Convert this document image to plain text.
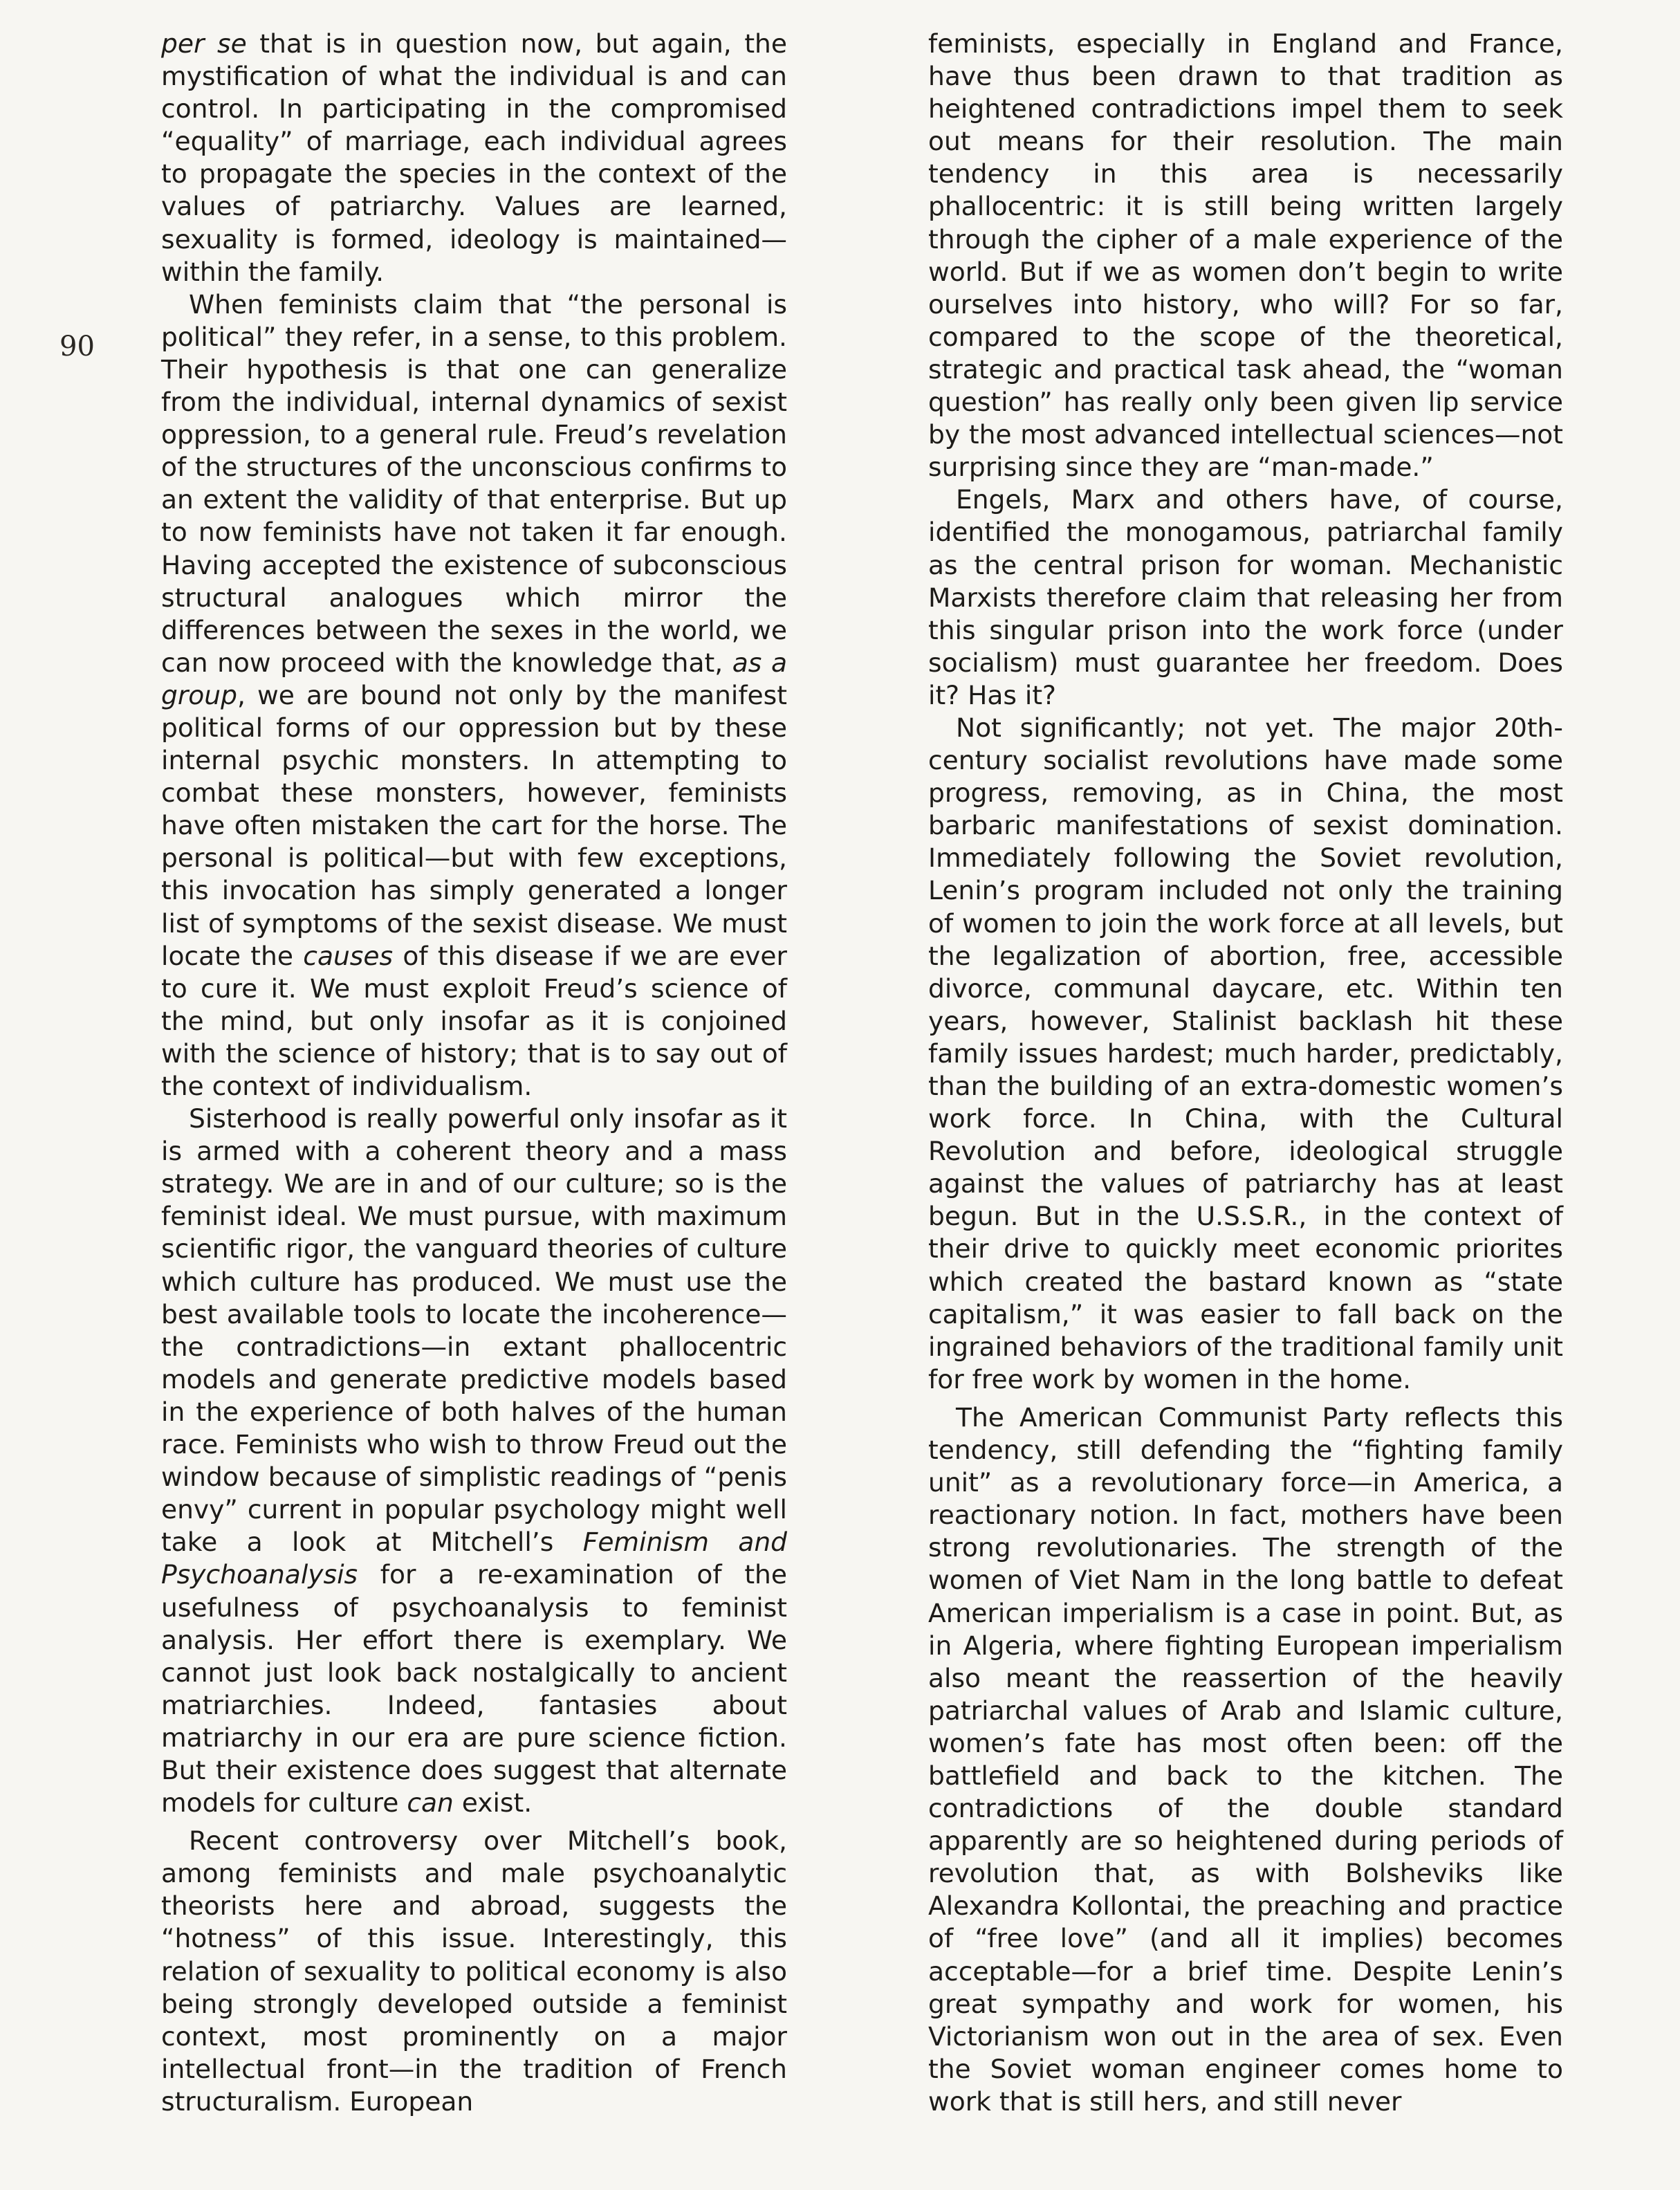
90

per se that is in question now, but again, the mystification of what the individual is and can control. In participating in the compromised “equality” of marriage, each individual agrees to propagate the species in the context of the values of patriarchy. Values are learned, sexuality is formed, ideology is maintained—within the family.

When feminists claim that “the personal is political” they refer, in a sense, to this problem. Their hypothesis is that one can generalize from the individual, internal dynamics of sexist oppression, to a general rule. Freud’s revelation of the structures of the unconscious confirms to an extent the validity of that enterprise. But up to now feminists have not taken it far enough. Having accepted the existence of subconscious structural analogues which mirror the differences between the sexes in the world, we can now proceed with the knowledge that, as a group, we are bound not only by the manifest political forms of our oppression but by these internal psychic monsters. In attempting to combat these monsters, however, feminists have often mistaken the cart for the horse. The personal is political—but with few exceptions, this invocation has simply generated a longer list of symptoms of the sexist disease. We must locate the causes of this disease if we are ever to cure it. We must exploit Freud’s science of the mind, but only insofar as it is conjoined with the science of history; that is to say out of the context of individualism.

Sisterhood is really powerful only insofar as it is armed with a coherent theory and a mass strategy. We are in and of our culture; so is the feminist ideal. We must pursue, with maximum scientific rigor, the vanguard theories of culture which culture has produced. We must use the best available tools to locate the incoherence—the contradictions—in extant phallocentric models and generate predictive models based in the experience of both halves of the human race. Feminists who wish to throw Freud out the window because of simplistic readings of “penis envy” current in popular psychology might well take a look at Mitchell’s Feminism and Psychoanalysis for a re-examination of the usefulness of psychoanalysis to feminist analysis. Her effort there is exemplary. We cannot just look back nostalgically to ancient matriarchies. Indeed, fantasies about matriarchy in our era are pure science fiction. But their existence does suggest that alternate models for culture can exist.

Recent controversy over Mitchell’s book, among feminists and male psychoanalytic theorists here and abroad, suggests the “hotness” of this issue. Interestingly, this relation of sexuality to political economy is also being strongly developed outside a feminist context, most prominently on a major intellectual front—in the tradition of French structuralism. European

feminists, especially in England and France, have thus been drawn to that tradition as heightened contradictions impel them to seek out means for their resolution. The main tendency in this area is necessarily phallocentric: it is still being written largely through the cipher of a male experience of the world. But if we as women don’t begin to write ourselves into history, who will? For so far, compared to the scope of the theoretical, strategic and practical task ahead, the “woman question” has really only been given lip service by the most advanced intellectual sciences—not surprising since they are “man-made.”

Engels, Marx and others have, of course, identified the monogamous, patriarchal family as the central prison for woman. Mechanistic Marxists therefore claim that releasing her from this singular prison into the work force (under socialism) must guarantee her freedom. Does it? Has it?

Not significantly; not yet. The major 20th-century socialist revolutions have made some progress, removing, as in China, the most barbaric manifestations of sexist domination. Immediately following the Soviet revolution, Lenin’s program included not only the training of women to join the work force at all levels, but the legalization of abortion, free, accessible divorce, communal daycare, etc. Within ten years, however, Stalinist backlash hit these family issues hardest; much harder, predictably, than the building of an extra-domestic women’s work force. In China, with the Cultural Revolution and before, ideological struggle against the values of patriarchy has at least begun. But in the U.S.S.R., in the context of their drive to quickly meet economic priorites which created the bastard known as “state capitalism,” it was easier to fall back on the ingrained behaviors of the traditional family unit for free work by women in the home.

The American Communist Party reflects this tendency, still defending the “fighting family unit” as a revolutionary force—in America, a reactionary notion. In fact, mothers have been strong revolutionaries. The strength of the women of Viet Nam in the long battle to defeat American imperialism is a case in point. But, as in Algeria, where fighting European imperialism also meant the reassertion of the heavily patriarchal values of Arab and Islamic culture, women’s fate has most often been: off the battlefield and back to the kitchen. The contradictions of the double standard apparently are so heightened during periods of revolution that, as with Bolsheviks like Alexandra Kollontai, the preaching and practice of “free love” (and all it implies) becomes acceptable—for a brief time. Despite Lenin’s great sympathy and work for women, his Victorianism won out in the area of sex. Even the Soviet woman engineer comes home to work that is still hers, and still never
